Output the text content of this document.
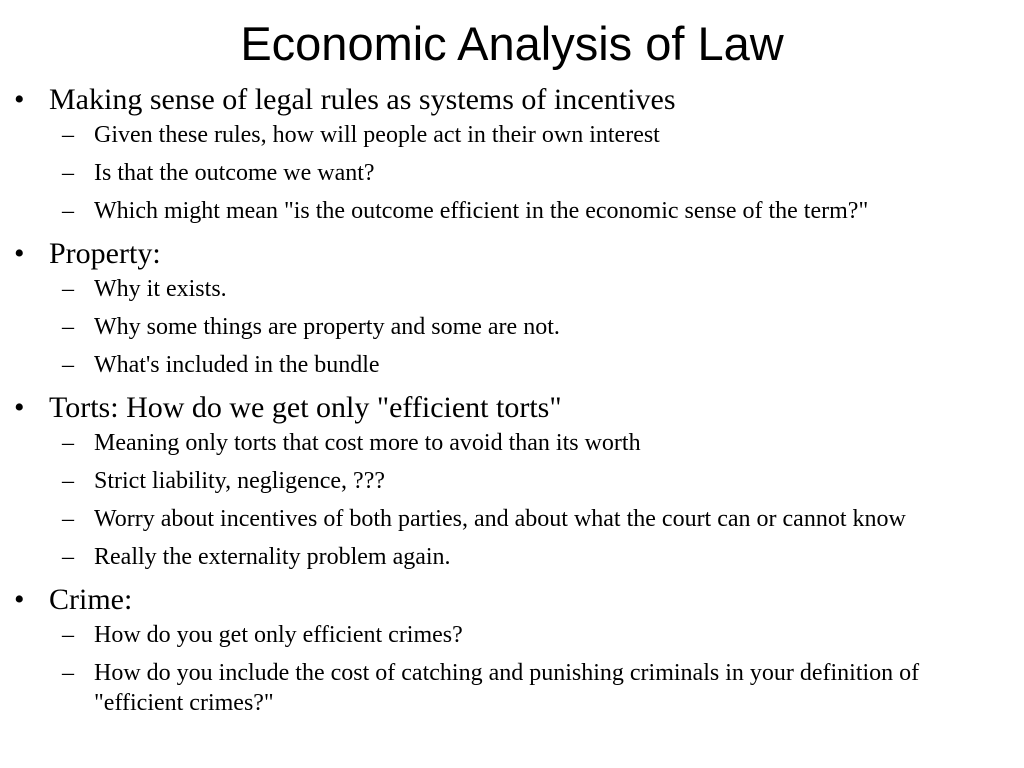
Economic Analysis of Law
• Making sense of legal rules as systems of incentives
– Given these rules, how will people act in their own interest
– Is that the outcome we want?
– Which might mean "is the outcome efficient in the economic sense of the term?"
• Property:
– Why it exists.
– Why some things are property and some are not.
– What's included in the bundle
• Torts: How do we get only "efficient torts"
– Meaning only torts that cost more to avoid than its worth
– Strict liability, negligence, ???
– Worry about incentives of both parties, and about what the court can or cannot know
– Really the externality problem again.
• Crime:
– How do you get only efficient crimes?
– How do you include the cost of catching and punishing criminals in your definition of "efficient crimes?"
